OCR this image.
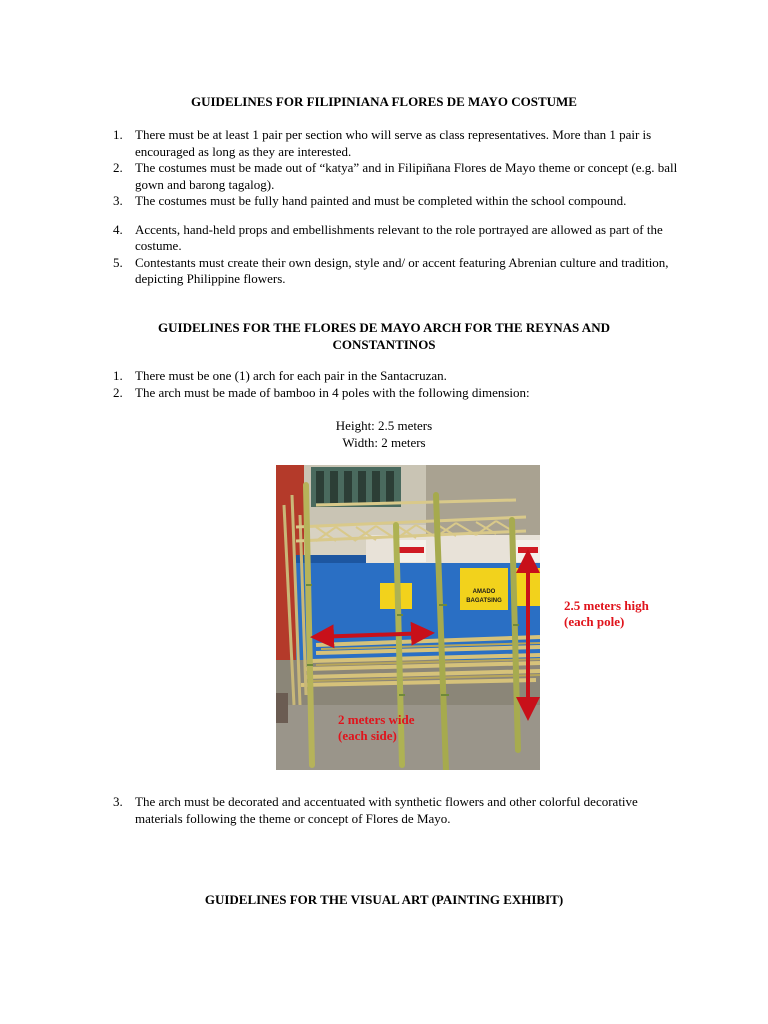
GUIDELINES FOR FILIPINIANA FLORES DE MAYO COSTUME
1. There must be at least 1 pair per section who will serve as class representatives. More than 1 pair is encouraged as long as they are interested.
2. The costumes must be made out of “katya” and in Filipiñana Flores de Mayo theme or concept (e.g. ball gown and barong tagalog).
3. The costumes must be fully hand painted and must be completed within the school compound.
4. Accents, hand-held props and embellishments relevant to the role portrayed are allowed as part of the costume.
5. Contestants must create their own design, style and/ or accent featuring Abrenian culture and tradition, depicting Philippine flowers.
GUIDELINES FOR THE FLORES DE MAYO ARCH FOR THE REYNAS AND
CONSTANTINOS
1. There must be one (1) arch for each pair in the Santacruzan.
2. The arch must be made of bamboo in 4 poles with the following dimension:
Height: 2.5 meters
Width: 2 meters
AMADO
BAGATSING
2 meters wide
(each side)
2.5 meters high
(each pole)
3. The arch must be decorated and accentuated with synthetic flowers and other colorful decorative materials following the theme or concept of Flores de Mayo.
GUIDELINES FOR THE VISUAL ART (PAINTING EXHIBIT)
